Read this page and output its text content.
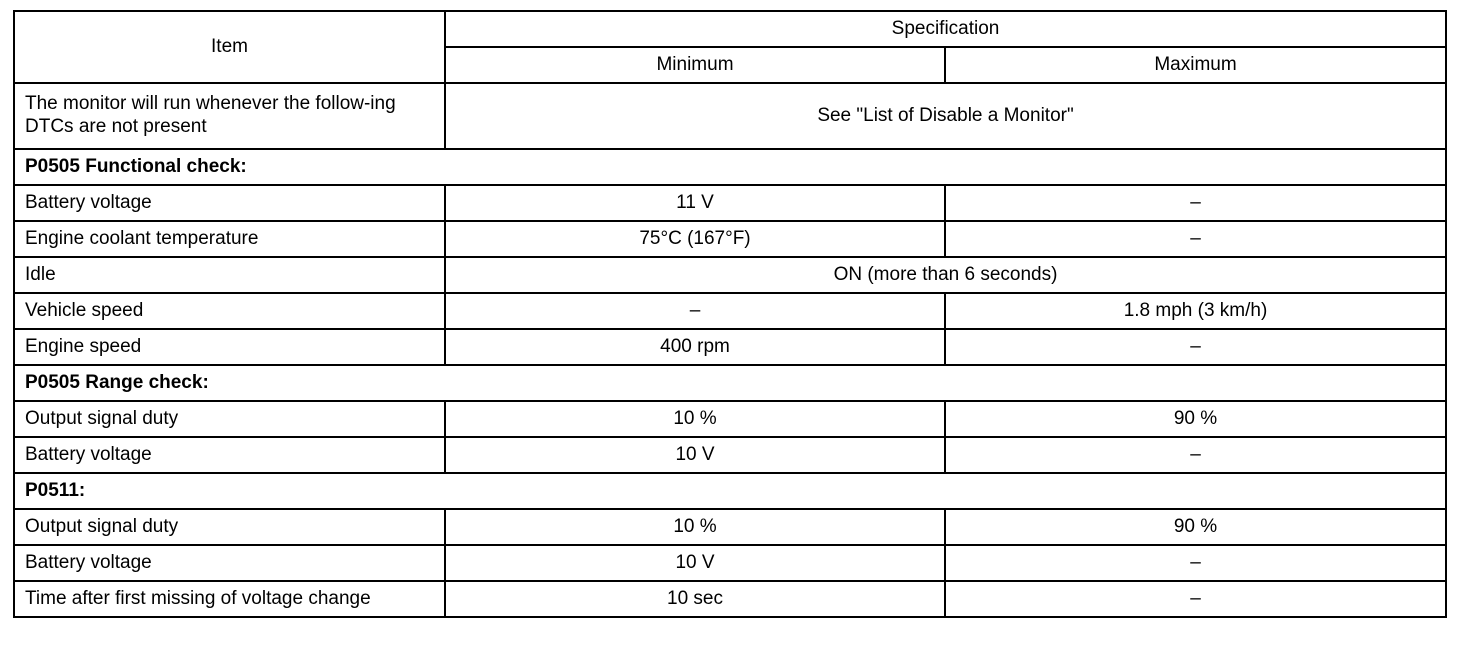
Item	Specification	
	Minimum	Maximum
The monitor will run whenever the follow-ing DTCs are not present	See "List of Disable a Monitor"	
P0505 Functional check:		
Battery voltage	11 V	–
Engine coolant temperature	75°C (167°F)	–
Idle	ON (more than 6 seconds)	
Vehicle speed	–	1.8 mph (3 km/h)
Engine speed	400 rpm	–
P0505 Range check:		
Output signal duty	10 %	90 %
Battery voltage	10 V	–
P0511:		
Output signal duty	10 %	90 %
Battery voltage	10 V	–
Time after first missing of voltage change	10 sec	–
